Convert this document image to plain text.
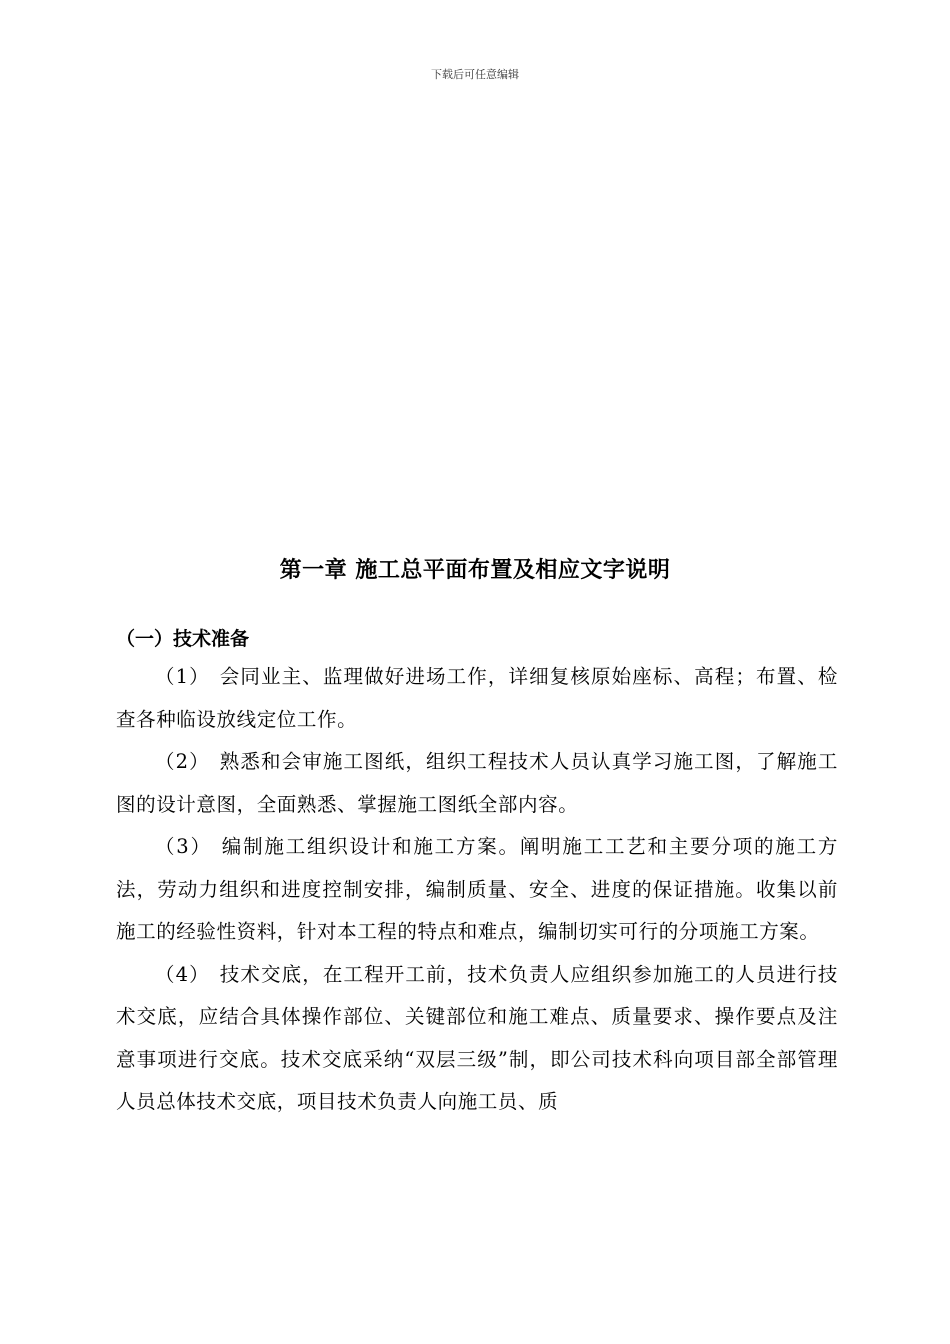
下载后可任意编辑
第一章 施工总平面布置及相应文字说明
（一）技术准备

（1） 会同业主、监理做好进场工作，详细复核原始座标、高程；布置、检查各种临设放线定位工作。

（2） 熟悉和会审施工图纸，组织工程技术人员认真学习施工图，了解施工图的设计意图，全面熟悉、掌握施工图纸全部内容。

（3） 编制施工组织设计和施工方案。阐明施工工艺和主要分项的施工方法，劳动力组织和进度控制安排，编制质量、安全、进度的保证措施。收集以前施工的经验性资料，针对本工程的特点和难点，编制切实可行的分项施工方案。

（4） 技术交底，在工程开工前，技术负责人应组织参加施工的人员进行技术交底，应结合具体操作部位、关键部位和施工难点、质量要求、操作要点及注意事项进行交底。技术交底采纳“双层三级”制，即公司技术科向项目部全部管理人员总体技术交底，项目技术负责人向施工员、质
